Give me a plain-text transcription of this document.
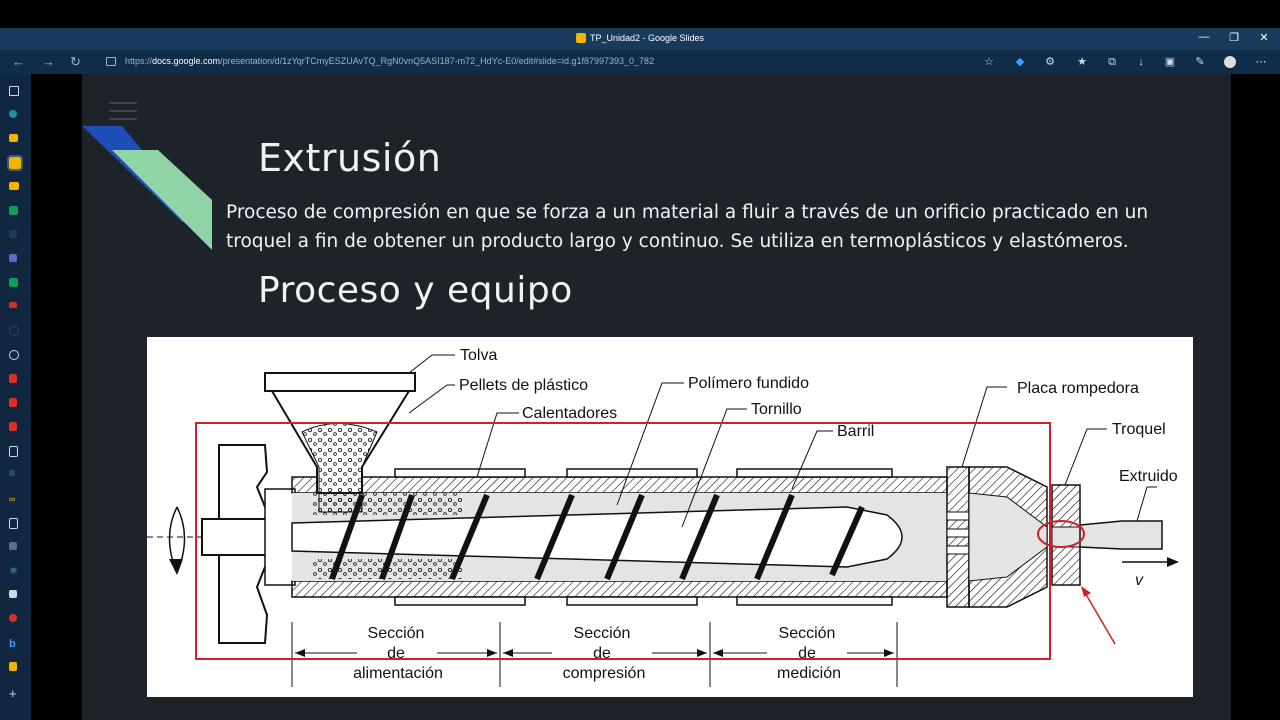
TP_Unidad2 - Google Slides	—	❐	✕
← → ↻	https://docs.google.com/presentation/d/1zYqrTCmyESZUAvTQ_RgN0vnQ5ASI187-m72_HdYc-E0/edit#slide=id.g1f87997393_0_782	☆ ◆ ⚙ ★ ⧉ ↓ ▣ ✎	⋯
∞
⚛
b
+
Extrusión
Proceso de compresión en que se forza a un material a fluir a través de un orificio practicado en un troquel a fin de obtener un producto largo y continuo. Se utiliza en termoplásticos y elastómeros.
Proceso y equipo
Tolva
Pellets de plástico
Calentadores
Polímero fundido
Tornillo
Barril
Placa rompedora
Troquel
Extruido
v
Sección
de
alimentación
Sección
de
compresión
Sección
de
medición
